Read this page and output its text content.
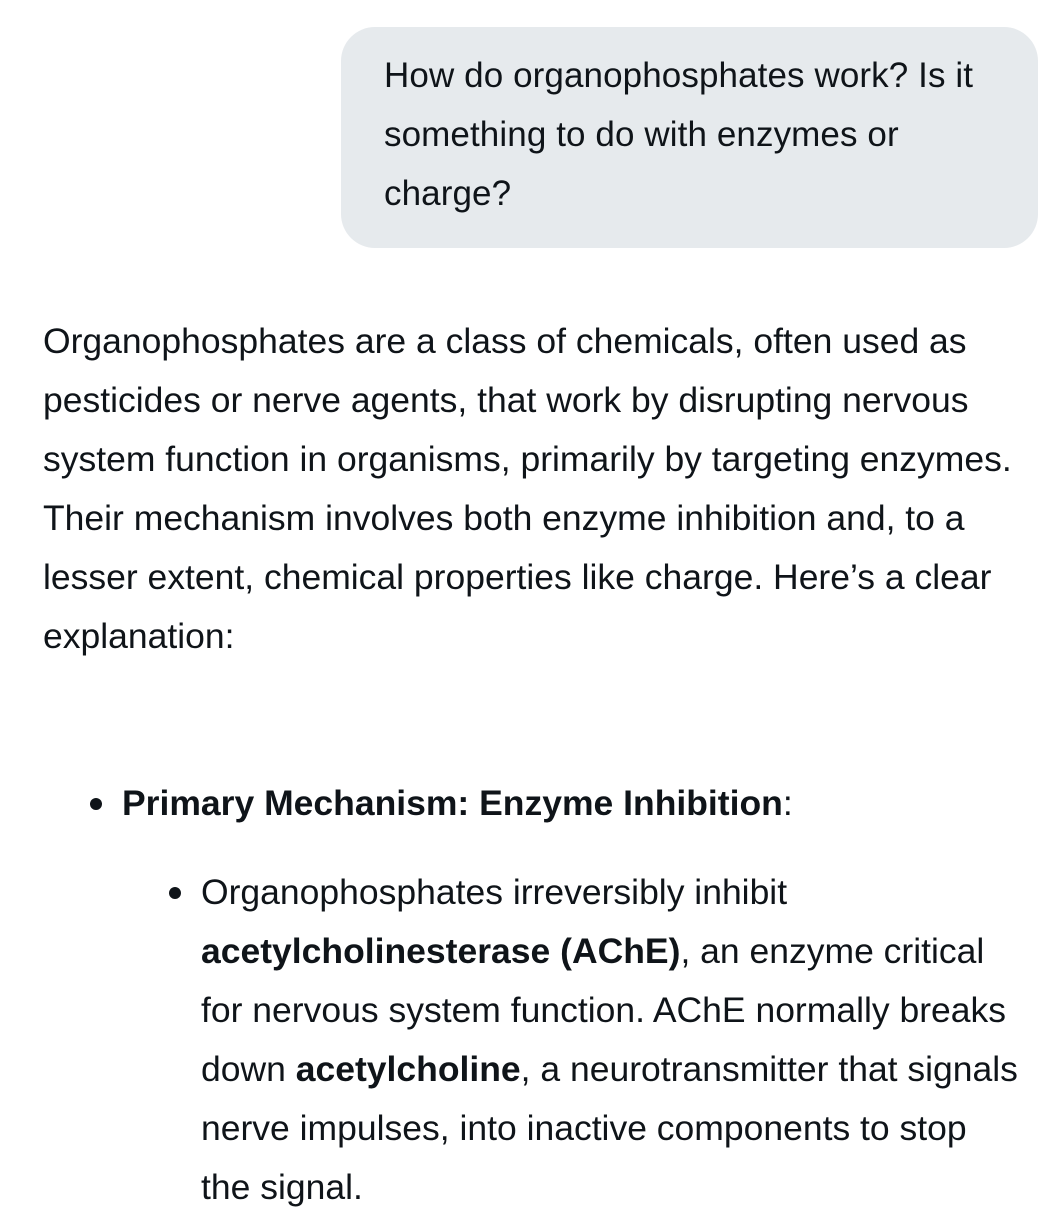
How do organophosphates work? Is it something to do with enzymes or charge?

Organophosphates are a class of chemicals, often used as pesticides or nerve agents, that work by disrupting nervous system function in organisms, primarily by targeting enzymes. Their mechanism involves both enzyme inhibition and, to a lesser extent, chemical properties like charge. Here’s a clear explanation:

Primary Mechanism: Enzyme Inhibition:
Organophosphates irreversibly inhibit acetylcholinesterase (AChE), an enzyme critical for nervous system function. AChE normally breaks down acetylcholine, a neurotransmitter that signals nerve impulses, into inactive components to stop the signal.
